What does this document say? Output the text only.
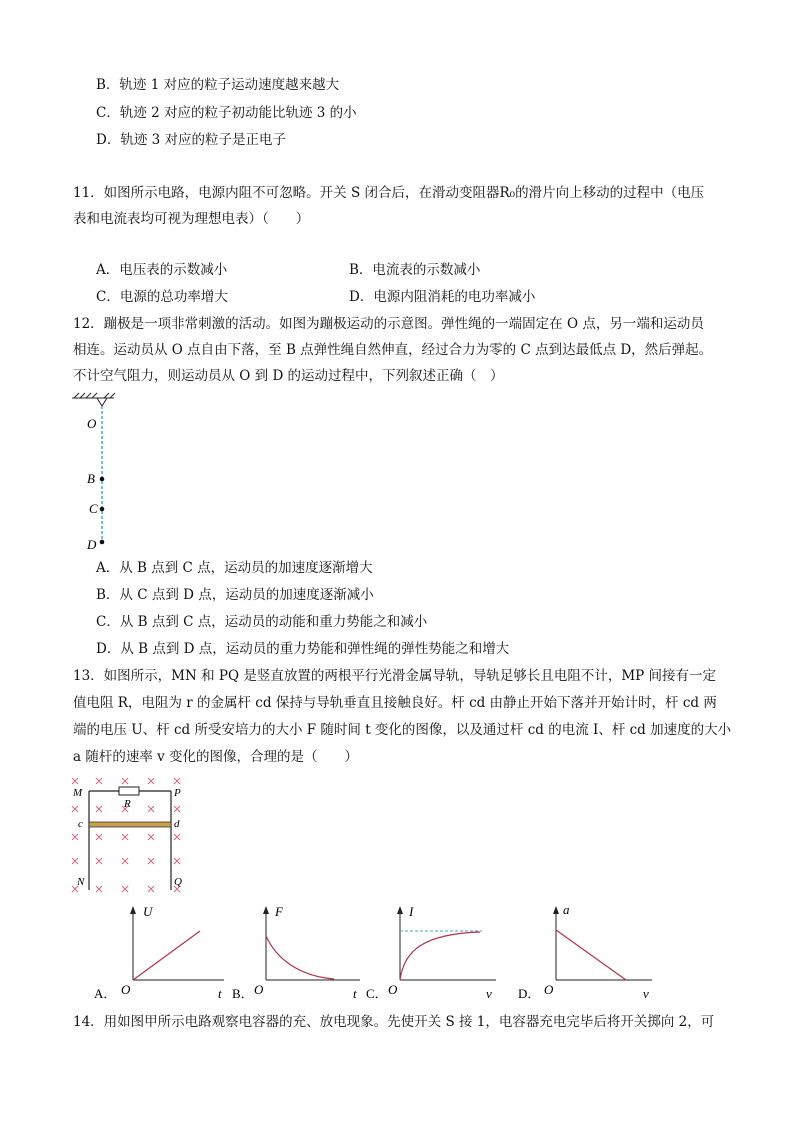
B．轨迹 1 对应的粒子运动速度越来越大
C．轨迹 2 对应的粒子初动能比轨迹 3 的小
D．轨迹 3 对应的粒子是正电子
11．如图所示电路，电源内阻不可忽略。开关 S 闭合后，在滑动变阻器R₀的滑片向上移动的过程中（电压
表和电流表均可视为理想电表）（　　）
A．电压表的示数减小	B．电流表的示数减小
C．电源的总功率增大	D．电源内阻消耗的电功率减小
12．蹦极是一项非常刺激的活动。如图为蹦极运动的示意图。弹性绳的一端固定在 O 点，另一端和运动员
相连。运动员从 O 点自由下落，至 B 点弹性绳自然伸直，经过合力为零的 C 点到达最低点 D，然后弹起。
不计空气阻力，则运动员从 O 到 D 的运动过程中，下列叙述正确（　）
O
B
C
D
A．从 B 点到 C 点，运动员的加速度逐渐增大
B．从 C 点到 D 点，运动员的加速度逐渐减小
C．从 B 点到 C 点，运动员的动能和重力势能之和减小
D．从 B 点到 D 点，运动员的重力势能和弹性绳的弹性势能之和增大
13．如图所示，MN 和 PQ 是竖直放置的两根平行光滑金属导轨，导轨足够长且电阻不计，MP 间接有一定
值电阻 R，电阻为 r 的金属杆 cd 保持与导轨垂直且接触良好。杆 cd 由静止开始下落并开始计时，杆 cd 两
端的电压 U、杆 cd 所受安培力的大小 F 随时间 t 变化的图像，以及通过杆 cd 的电流 I、杆 cd 加速度的大小
a 随杆的速率 v 变化的图像，合理的是（　　）
M	P
R
c	d
N	Q
A．
U
O	t B．
F
O	t C．
I
O	v D．
a
O	v
14．用如图甲所示电路观察电容器的充、放电现象。先使开关 S 接 1，电容器充电完毕后将开关掷向 2，可
